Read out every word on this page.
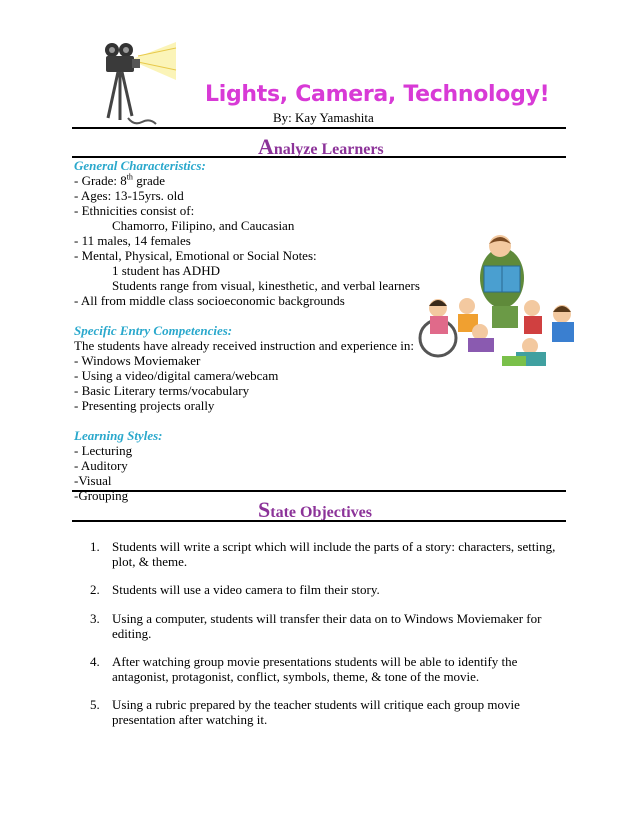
Lights, Camera, Technology!
By: Kay Yamashita
Analyze Learners
General Characteristics:
- Grade: 8th grade
- Ages: 13-15yrs. old
- Ethnicities consist of:
Chamorro, Filipino, and Caucasian
- 11 males, 14 females
- Mental, Physical, Emotional or Social Notes:
1 student has ADHD
Students range from visual, kinesthetic, and verbal learners
- All from middle class socioeconomic backgrounds
Specific Entry Competencies:
The students have already received instruction and experience in:
- Windows Moviemaker
- Using a video/digital camera/webcam
- Basic Literary terms/vocabulary
- Presenting projects orally
Learning Styles:
- Lecturing
- Auditory
-Visual
-Grouping
State Objectives
1. Students will write a script which will include the parts of a story: characters, setting, plot, & theme.
2. Students will use a video camera to film their story.
3. Using a computer, students will transfer their data on to Windows Moviemaker for editing.
4. After watching group movie presentations students will be able to identify the antagonist, protagonist, conflict, symbols, theme, & tone of the movie.
5. Using a rubric prepared by the teacher students will critique each group movie presentation after watching it.
